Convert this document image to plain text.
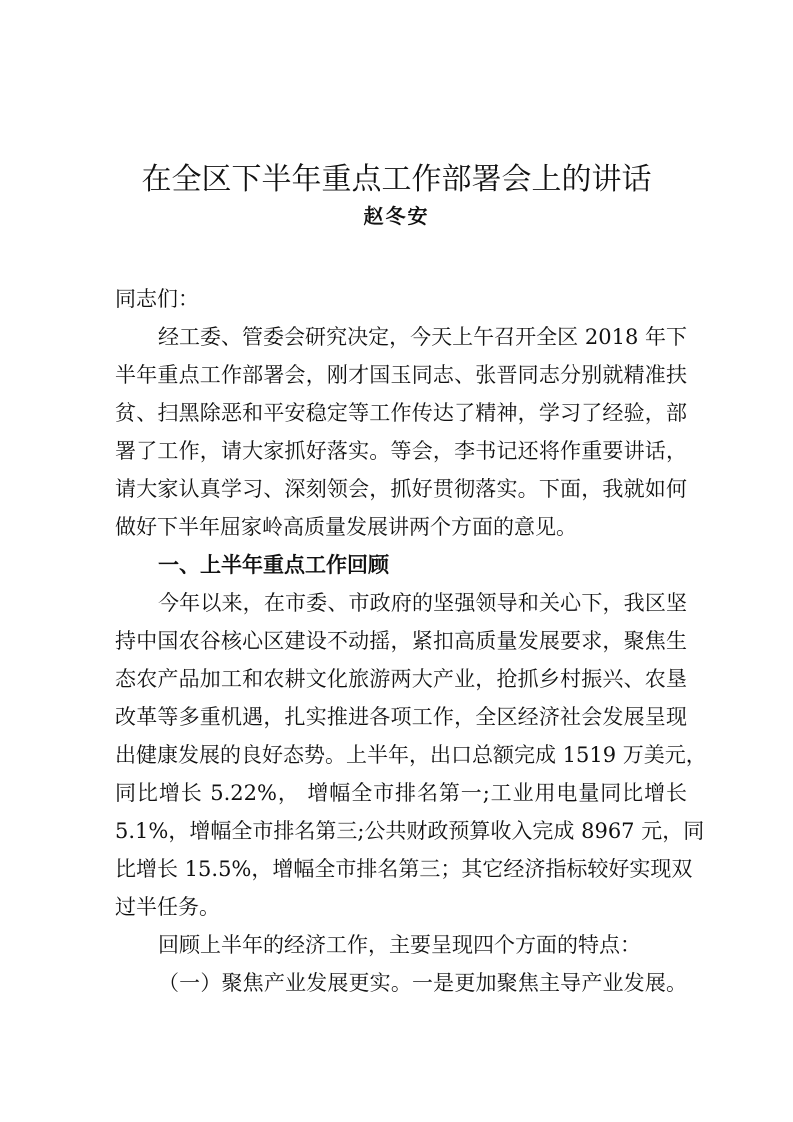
在全区下半年重点工作部署会上的讲话
赵冬安
同志们：
经工委、管委会研究决定，今天上午召开全区 2018 年下
半年重点工作部署会，刚才国玉同志、张晋同志分别就精准扶
贫、扫黑除恶和平安稳定等工作传达了精神，学习了经验，部
署了工作，请大家抓好落实。等会，李书记还将作重要讲话，
请大家认真学习、深刻领会，抓好贯彻落实。下面，我就如何
做好下半年屈家岭高质量发展讲两个方面的意见。
一、上半年重点工作回顾
今年以来，在市委、市政府的坚强领导和关心下，我区坚
持中国农谷核心区建设不动摇，紧扣高质量发展要求，聚焦生
态农产品加工和农耕文化旅游两大产业，抢抓乡村振兴、农垦
改革等多重机遇，扎实推进各项工作，全区经济社会发展呈现
出健康发展的良好态势。上半年，出口总额完成 1519 万美元，
同比增长 5.22%， 增幅全市排名第一;工业用电量同比增长
5.1%，增幅全市排名第三;公共财政预算收入完成 8967 元，同
比增长 15.5%，增幅全市排名第三；其它经济指标较好实现双
过半任务。
回顾上半年的经济工作，主要呈现四个方面的特点：
（一）聚焦产业发展更实。一是更加聚焦主导产业发展。
